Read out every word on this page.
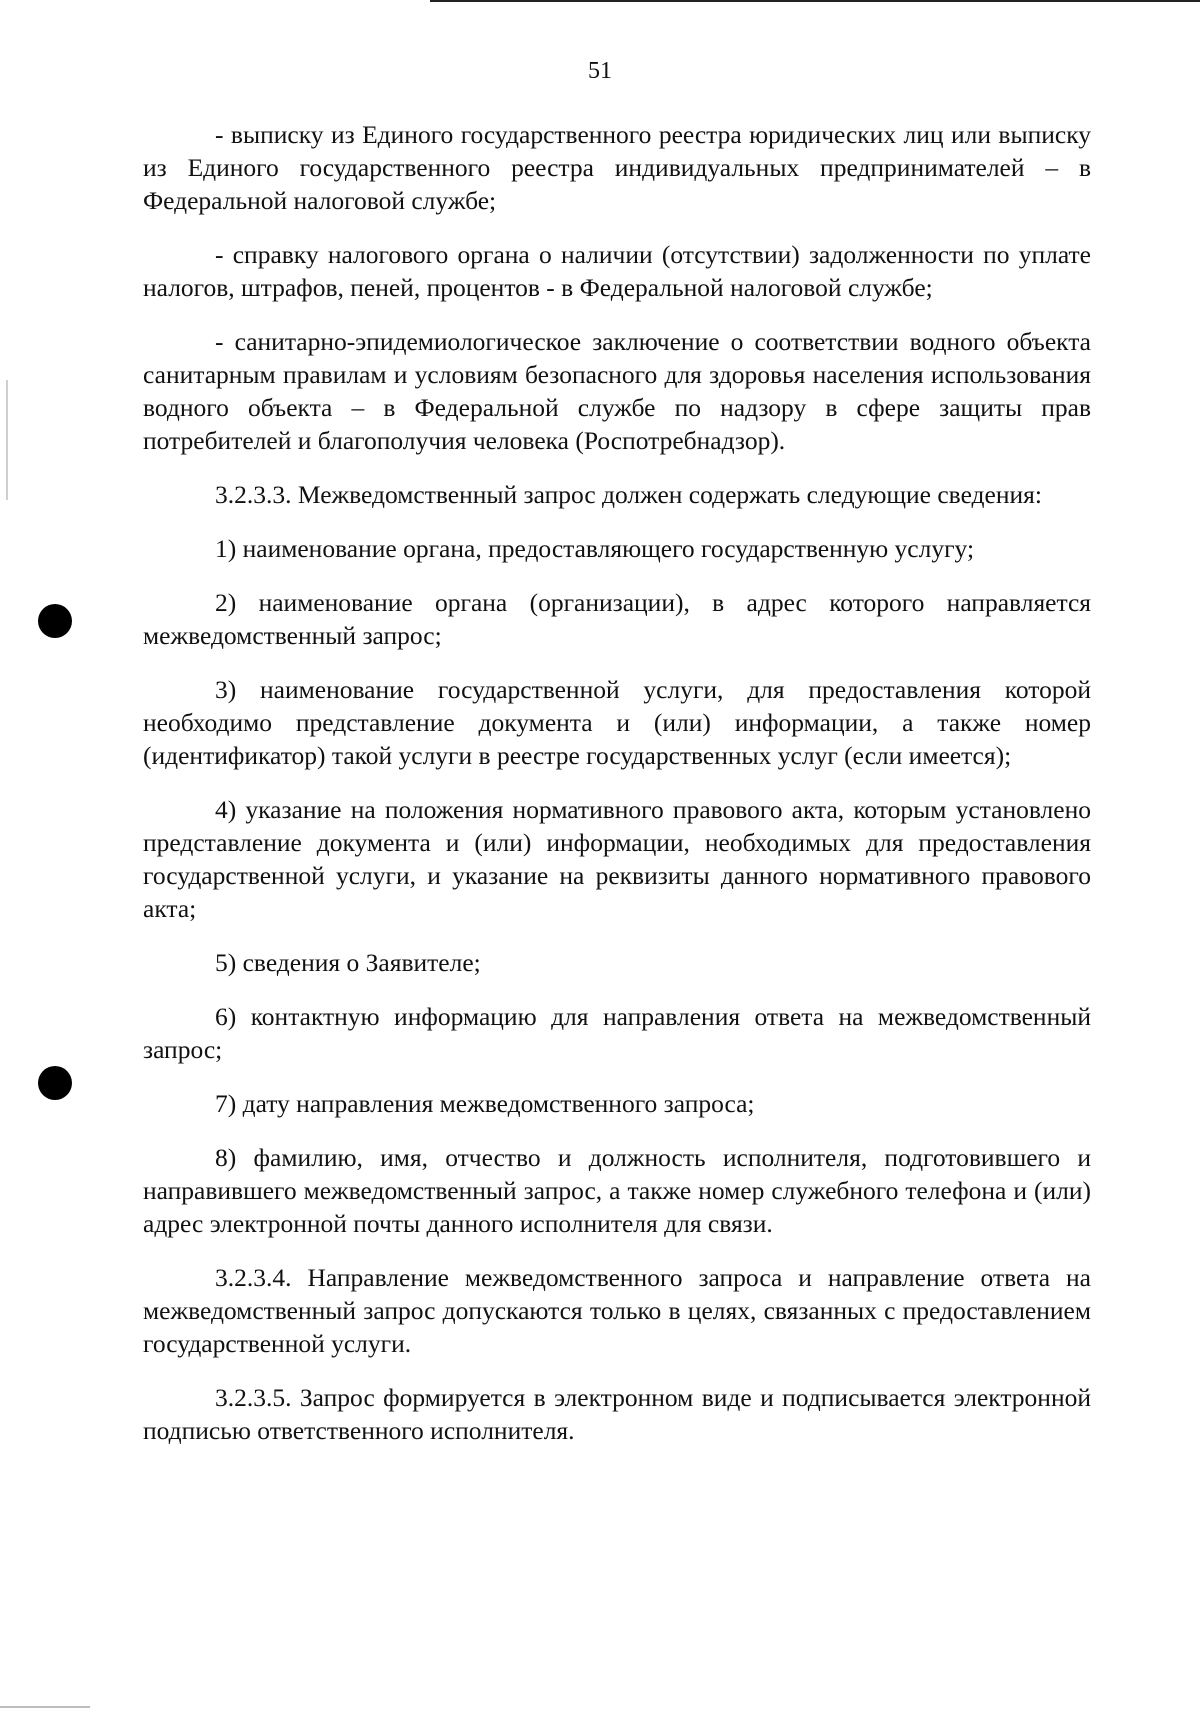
51

- выписку из Единого государственного реестра юридических лиц или выписку из Единого государственного реестра индивидуальных предпринимателей – в Федеральной налоговой службе;

- справку налогового органа о наличии (отсутствии) задолженности по уплате налогов, штрафов, пеней, процентов - в Федеральной налоговой службе;

- санитарно-эпидемиологическое заключение о соответствии водного объекта санитарным правилам и условиям безопасного для здоровья населения использования водного объекта – в Федеральной службе по надзору в сфере защиты прав потребителей и благополучия человека (Роспотребнадзор).

3.2.3.3. Межведомственный запрос должен содержать следующие сведения:

1) наименование органа, предоставляющего государственную услугу;

2) наименование органа (организации), в адрес которого направляется межведомственный запрос;

3) наименование государственной услуги, для предоставления которой необходимо представление документа и (или) информации, а также номер (идентификатор) такой услуги в реестре государственных услуг (если имеется);

4) указание на положения нормативного правового акта, которым установлено представление документа и (или) информации, необходимых для предоставления государственной услуги, и указание на реквизиты данного нормативного правового акта;

5) сведения о Заявителе;

6) контактную информацию для направления ответа на межведомственный запрос;

7) дату направления межведомственного запроса;

8) фамилию, имя, отчество и должность исполнителя, подготовившего и направившего межведомственный запрос, а также номер служебного телефона и (или) адрес электронной почты данного исполнителя для связи.

3.2.3.4. Направление межведомственного запроса и направление ответа на межведомственный запрос допускаются только в целях, связанных с предоставлением государственной услуги.

3.2.3.5. Запрос формируется в электронном виде и подписывается электронной подписью ответственного исполнителя.
